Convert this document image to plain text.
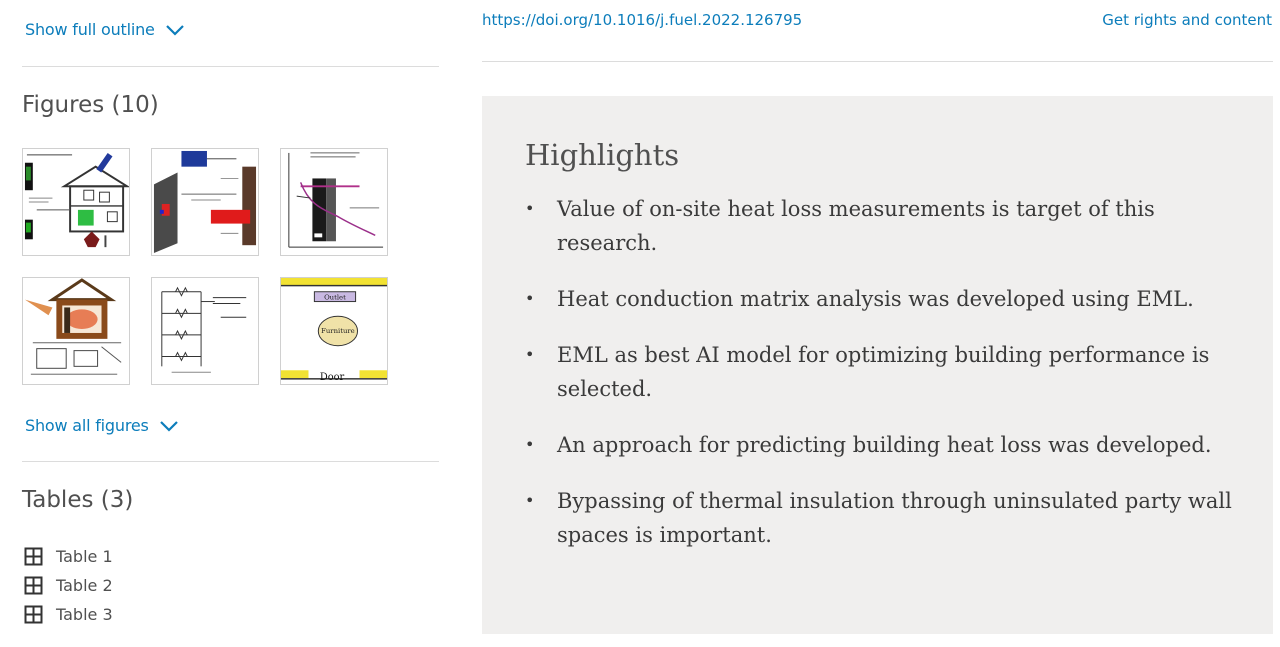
Show full outline
Figures (10)
Outlet
Furniture
Door
Show all figures
Tables (3)
Table 1
Table 2
Table 3
https://doi.org/10.1016/j.fuel.2022.126795	Get rights and content
Highlights
• Value of on-site heat loss measurements is target of this research.
• Heat conduction matrix analysis was developed using EML.
• EML as best AI model for optimizing building performance is selected.
• An approach for predicting building heat loss was developed.
• Bypassing of thermal insulation through uninsulated party wall spaces is important.
